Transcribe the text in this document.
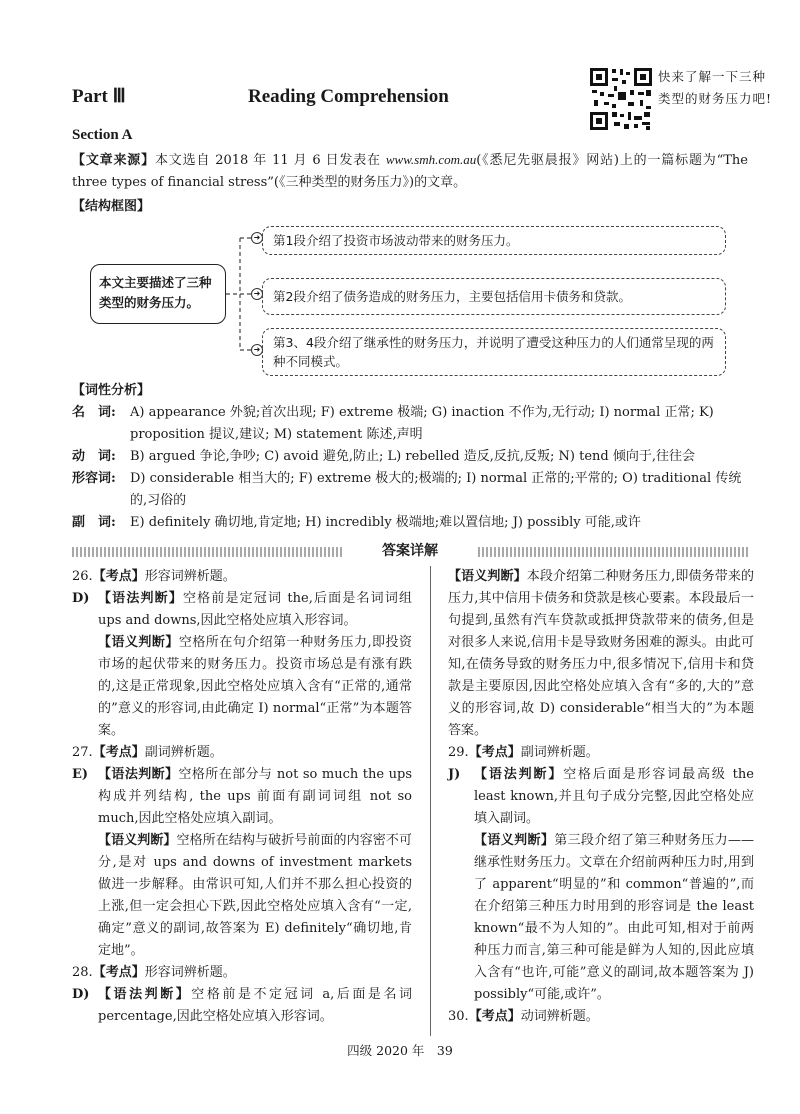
Part Ⅲ	Reading Comprehension
快来了解一下三种类型的财务压力吧!
Section A
【文章来源】本文选自 2018 年 11 月 6 日发表在 www.smh.com.au(《悉尼先驱晨报》网站)上的一篇标题为“The three types of financial stress”(《三种类型的财务压力》)的文章。
【结构框图】
本文主要描述了三种类型的财务压力。
➜	第1段介绍了投资市场波动带来的财务压力。
➜	第2段介绍了债务造成的财务压力，主要包括信用卡债务和贷款。
➜	第3、4段介绍了继承性的财务压力，并说明了遭受这种压力的人们通常呈现的两种不同模式。
【词性分析】
名　词:	A) appearance 外貌;首次出现; F) extreme 极端; G) inaction 不作为,无行动; I) normal 正常; K) proposition 提议,建议; M) statement 陈述,声明
动　词:	B) argued 争论,争吵; C) avoid 避免,防止; L) rebelled 造反,反抗,反叛; N) tend 倾向于,往往会
形容词:	D) considerable 相当大的; F) extreme 极大的;极端的; I) normal 正常的;平常的; O) traditional 传统的,习俗的
副　词:	E) definitely 确切地,肯定地; H) incredibly 极端地;难以置信地; J) possibly 可能,或许
答案详解
26.【考点】形容词辨析题。
D) 【语法判断】空格前是定冠词 the,后面是名词词组 ups and downs,因此空格处应填入形容词。
【语义判断】空格所在句介绍第一种财务压力,即投资市场的起伏带来的财务压力。投资市场总是有涨有跌的,这是正常现象,因此空格处应填入含有“正常的,通常的”意义的形容词,由此确定 I) normal“正常”为本题答案。
27.【考点】副词辨析题。
E) 【语法判断】空格所在部分与 not so much the ups 构成并列结构, the ups 前面有副词词组 not so much,因此空格处应填入副词。
【语义判断】空格所在结构与破折号前面的内容密不可分,是对 ups and downs of investment markets 做进一步解释。由常识可知,人们并不那么担心投资的上涨,但一定会担心下跌,因此空格处应填入含有“一定,确定”意义的副词,故答案为 E) definitely“确切地,肯定地”。
28.【考点】形容词辨析题。
D) 【语法判断】空格前是不定冠词 a,后面是名词 percentage,因此空格处应填入形容词。
【语义判断】本段介绍第二种财务压力,即债务带来的压力,其中信用卡债务和贷款是核心要素。本段最后一句提到,虽然有汽车贷款或抵押贷款带来的债务,但是对很多人来说,信用卡是导致财务困难的源头。由此可知,在债务导致的财务压力中,很多情况下,信用卡和贷款是主要原因,因此空格处应填入含有“多的,大的”意义的形容词,故 D) considerable“相当大的”为本题答案。
29.【考点】副词辨析题。
J) 【语法判断】空格后面是形容词最高级 the least known,并且句子成分完整,因此空格处应填入副词。
【语义判断】第三段介绍了第三种财务压力——继承性财务压力。文章在介绍前两种压力时,用到了 apparent“明显的”和 common“普遍的”,而在介绍第三种压力时用到的形容词是 the least known“最不为人知的”。由此可知,相对于前两种压力而言,第三种可能是鲜为人知的,因此应填入含有“也许,可能”意义的副词,故本题答案为 J) possibly“可能,或许”。
30.【考点】动词辨析题。
四级 2020 年　39
